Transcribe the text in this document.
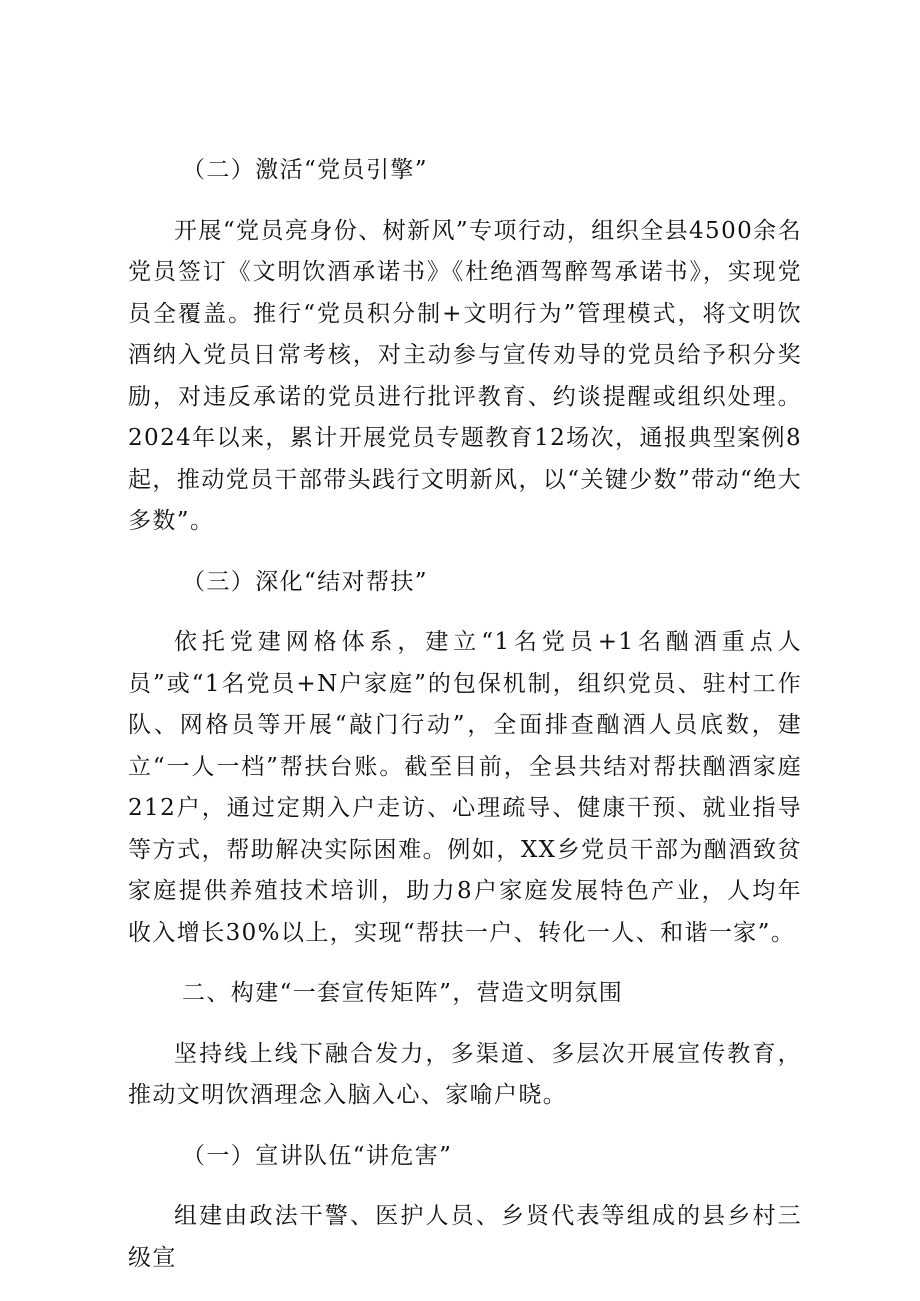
（二）激活“党员引擎”

开展“党员亮身份、树新风”专项行动，组织全县4500余名党员签订《文明饮酒承诺书》《杜绝酒驾醉驾承诺书》，实现党员全覆盖。推行“党员积分制+文明行为”管理模式，将文明饮酒纳入党员日常考核，对主动参与宣传劝导的党员给予积分奖励，对违反承诺的党员进行批评教育、约谈提醒或组织处理。2024年以来，累计开展党员专题教育12场次，通报典型案例8起，推动党员干部带头践行文明新风，以“关键少数”带动“绝大多数”。

（三）深化“结对帮扶”

依托党建网格体系，建立“1名党员+1名酗酒重点人员”或“1名党员+N户家庭”的包保机制，组织党员、驻村工作队、网格员等开展“敲门行动”，全面排查酗酒人员底数，建立“一人一档”帮扶台账。截至目前，全县共结对帮扶酗酒家庭212户，通过定期入户走访、心理疏导、健康干预、就业指导等方式，帮助解决实际困难。例如，XX乡党员干部为酗酒致贫家庭提供养殖技术培训，助力8户家庭发展特色产业，人均年收入增长30%以上，实现“帮扶一户、转化一人、和谐一家”。

二、构建“一套宣传矩阵”，营造文明氛围

坚持线上线下融合发力，多渠道、多层次开展宣传教育，推动文明饮酒理念入脑入心、家喻户晓。

（一）宣讲队伍“讲危害”

组建由政法干警、医护人员、乡贤代表等组成的县乡村三级宣
